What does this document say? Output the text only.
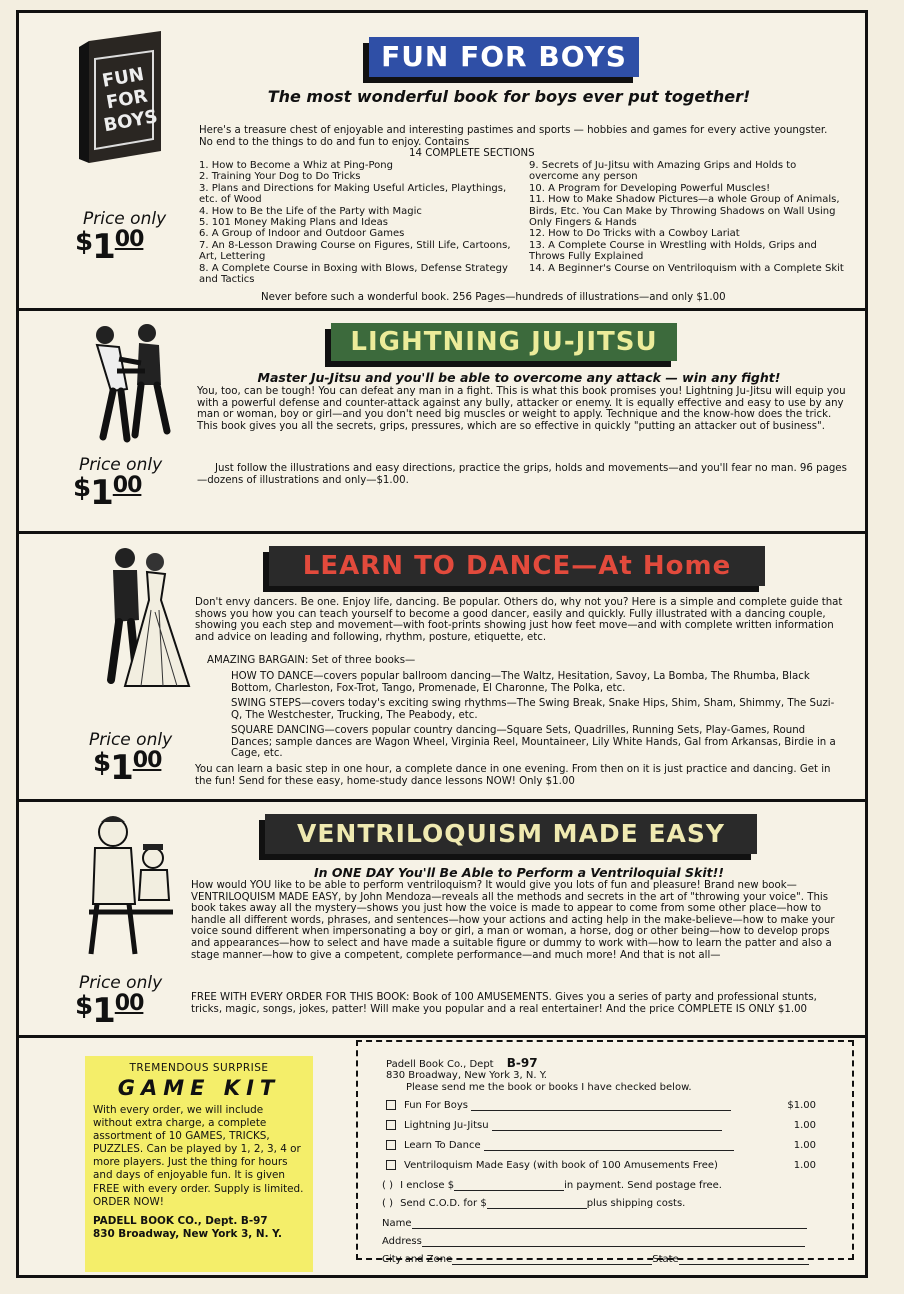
FUN FOR BOYS
Price only
$^{\$}1^{00}$
FUN FOR BOYS
The most wonderful book for boys ever put together!
Here's a treasure chest of enjoyable and interesting pastimes and sports — hobbies and games for every active youngster. No end to the things to do and fun to enjoy. Contains
14 COMPLETE SECTIONS
1. How to Become a Whiz at Ping-Pong
2. Training Your Dog to Do Tricks
3. Plans and Directions for Making Useful Articles, Playthings, etc. of Wood
4. How to Be the Life of the Party with Magic
5. 101 Money Making Plans and Ideas
6. A Group of Indoor and Outdoor Games
7. An 8-Lesson Drawing Course on Figures, Still Life, Cartoons, Art, Lettering
8. A Complete Course in Boxing with Blows, Defense Strategy and Tactics
9. Secrets of Ju-Jitsu with Amazing Grips and Holds to overcome any person
10. A Program for Developing Powerful Muscles!
11. How to Make Shadow Pictures—a whole Group of Animals, Birds, Etc. You Can Make by Throwing Shadows on Wall Using Only Fingers & Hands
12. How to Do Tricks with a Cowboy Lariat
13. A Complete Course in Wrestling with Holds, Grips and Throws Fully Explained
14. A Beginner's Course on Ventriloquism with a Complete Skit
Never before such a wonderful book. 256 Pages—hundreds of illustrations—and only $1.00
Price only
$^{\$}1^{00}$
LIGHTNING JU-JITSU
Master Ju-Jitsu and you'll be able to overcome any attack — win any fight!
You, too, can be tough! You can defeat any man in a fight. This is what this book promises you! Lightning Ju-Jitsu will equip you with a powerful defense and counter-attack against any bully, attacker or enemy. It is equally effective and easy to use by any man or woman, boy or girl—and you don't need big muscles or weight to apply. Technique and the know-how does the trick. This book gives you all the secrets, grips, pressures, which are so effective in quickly "putting an attacker out of business".
Just follow the illustrations and easy directions, practice the grips, holds and movements—and you'll fear no man. 96 pages—dozens of illustrations and only—$1.00.
Price only
$^{\$}1^{00}$
LEARN TO DANCE—At Home
Don't envy dancers. Be one. Enjoy life, dancing. Be popular. Others do, why not you? Here is a simple and complete guide that shows you how you can teach yourself to become a good dancer, easily and quickly. Fully illustrated with a dancing couple, showing you each step and movement—with foot-prints showing just how feet move—and with complete written information and advice on leading and following, rhythm, posture, etiquette, etc.
AMAZING BARGAIN: Set of three books—
HOW TO DANCE—covers popular ballroom dancing—The Waltz, Hesitation, Savoy, La Bomba, The Rhumba, Black Bottom, Charleston, Fox-Trot, Tango, Promenade, El Charonne, The Polka, etc.
SWING STEPS—covers today's exciting swing rhythms—The Swing Break, Snake Hips, Shim, Sham, Shimmy, The Suzi-Q, The Westchester, Trucking, The Peabody, etc.
SQUARE DANCING—covers popular country dancing—Square Sets, Quadrilles, Running Sets, Play-Games, Round Dances; sample dances are Wagon Wheel, Virginia Reel, Mountaineer, Lily White Hands, Gal from Arkansas, Birdie in a Cage, etc.
You can learn a basic step in one hour, a complete dance in one evening. From then on it is just practice and dancing. Get in the fun! Send for these easy, home-study dance lessons NOW! Only $1.00
Price only
$^{\$}1^{00}$
VENTRILOQUISM MADE EASY
In ONE DAY You'll Be Able to Perform a Ventriloquial Skit!!
How would YOU like to be able to perform ventriloquism? It would give you lots of fun and pleasure! Brand new book—VENTRILOQUISM MADE EASY, by John Mendoza—reveals all the methods and secrets in the art of "throwing your voice". This book takes away all the mystery—shows you just how the voice is made to appear to come from some other place—how to handle all different words, phrases, and sentences—how your actions and acting help in the make-believe—how to make your voice sound different when impersonating a boy or girl, a man or woman, a horse, dog or other being—how to develop props and appearances—how to select and have made a suitable figure or dummy to work with—how to learn the patter and also a stage manner—how to give a competent, complete performance—and much more! And that is not all—
FREE WITH EVERY ORDER FOR THIS BOOK: Book of 100 AMUSEMENTS. Gives you a series of party and professional stunts, tricks, magic, songs, jokes, patter! Will make you popular and a real entertainer! And the price COMPLETE IS ONLY $1.00
TREMENDOUS SURPRISE
GAME KIT
With every order, we will include without extra charge, a complete assortment of 10 GAMES, TRICKS, PUZZLES. Can be played by 1, 2, 3, 4 or more players. Just the thing for hours and days of enjoyable fun. It is given FREE with every order. Supply is limited. ORDER NOW!
PADELL BOOK CO., Dept. B-97
830 Broadway, New York 3, N. Y.
Padell Book Co., Dept B-97
830 Broadway, New York 3, N. Y.
Please send me the book or books I have checked below.
Fun For Boys	$1.00
Lightning Ju-Jitsu	1.00
Learn To Dance	1.00
Ventriloquism Made Easy (with book of 100 Amusements Free)	1.00
( ) I enclose $	in payment. Send postage free.
( ) Send C.O.D. for $	plus shipping costs.
Name
Address
City and Zone	State
